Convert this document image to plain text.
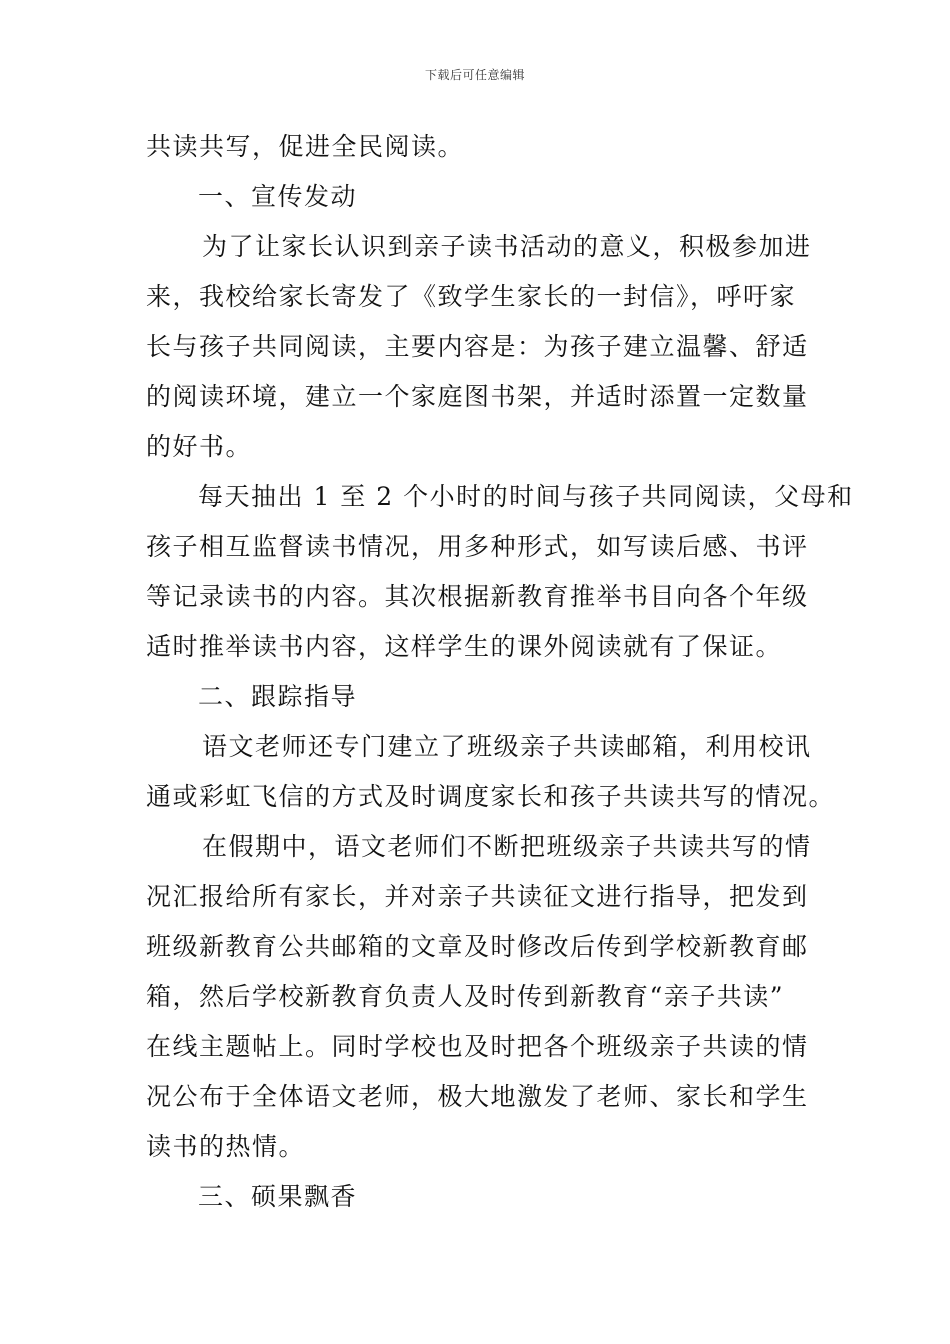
下载后可任意编辑
共读共写，促进全民阅读。
一、宣传发动
为了让家长认识到亲子读书活动的意义，积极参加进
来，我校给家长寄发了《致学生家长的一封信》，呼吁家
长与孩子共同阅读，主要内容是：为孩子建立温馨、舒适
的阅读环境，建立一个家庭图书架，并适时添置一定数量
的好书。
每天抽出 1 至 2 个小时的时间与孩子共同阅读，父母和
孩子相互监督读书情况，用多种形式，如写读后感、书评
等记录读书的内容。其次根据新教育推举书目向各个年级
适时推举读书内容，这样学生的课外阅读就有了保证。
二、跟踪指导
语文老师还专门建立了班级亲子共读邮箱，利用校讯
通或彩虹飞信的方式及时调度家长和孩子共读共写的情况。
在假期中，语文老师们不断把班级亲子共读共写的情
况汇报给所有家长，并对亲子共读征文进行指导，把发到
班级新教育公共邮箱的文章及时修改后传到学校新教育邮
箱，然后学校新教育负责人及时传到新教育“亲子共读”
在线主题帖上。同时学校也及时把各个班级亲子共读的情
况公布于全体语文老师，极大地激发了老师、家长和学生
读书的热情。
三、硕果飘香
